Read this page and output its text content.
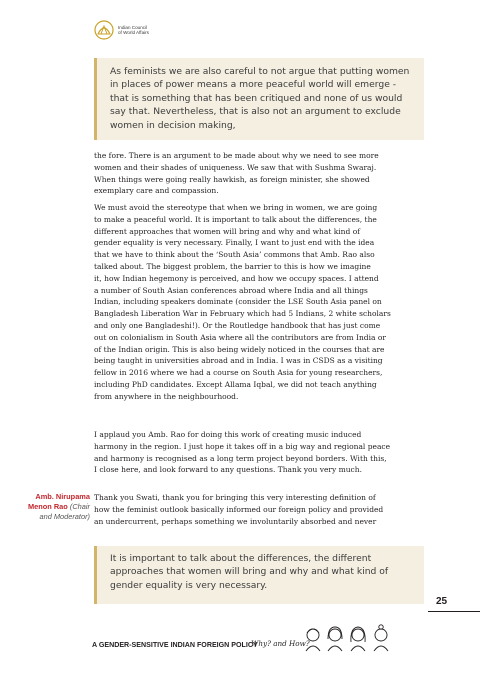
Indian Council
of World Affairs

As feminists we are also careful to not argue that putting women

in places of power means a more peaceful world will emerge -

that is something that has been critiqued and none of us would

say that. Nevertheless, that is also not an argument to exclude

women in decision making,

the fore. There is an argument to be made about why we need to see more

women and their shades of uniqueness. We saw that with Sushma Swaraj.

When things were going really hawkish, as foreign minister, she showed

exemplary care and compassion.

We must avoid the stereotype that when we bring in women, we are going

to make a peaceful world. It is important to talk about the differences, the

different approaches that women will bring and why and what kind of

gender equality is very necessary. Finally, I want to just end with the idea

that we have to think about the ‘South Asia’ commons that Amb. Rao also

talked about. The biggest problem, the barrier to this is how we imagine

it, how Indian hegemony is perceived, and how we occupy spaces. I attend

a number of South Asian conferences abroad where India and all things

Indian, including speakers dominate (consider the LSE South Asia panel on

Bangladesh Liberation War in February which had 5 Indians, 2 white scholars

and only one Bangladeshi!). Or the Routledge handbook that has just come

out on colonialism in South Asia where all the contributors are from India or

of the Indian origin. This is also being widely noticed in the courses that are

being taught in universities abroad and in India. I was in CSDS as a visiting

fellow in 2016 where we had a course on South Asia for young researchers,

including PhD candidates. Except Allama Iqbal, we did not teach anything

from anywhere in the neighbourhood.

I applaud you Amb. Rao for doing this work of creating music induced

harmony in the region. I just hope it takes off in a big way and regional peace

and harmony is recognised as a long term project beyond borders. With this,

I close here, and look forward to any questions. Thank you very much.

Amb. Nirupama
Menon Rao (Chair
and Moderator)

Thank you Swati, thank you for bringing this very interesting definition of

how the feminist outlook basically informed our foreign policy and provided

an undercurrent, perhaps something we involuntarily absorbed and never

It is important to talk about the differences, the different

approaches that women will bring and why and what kind of

gender equality is very necessary.

25
A GENDER-SENSITIVE INDIAN FOREIGN POLICY
Why? and How?
